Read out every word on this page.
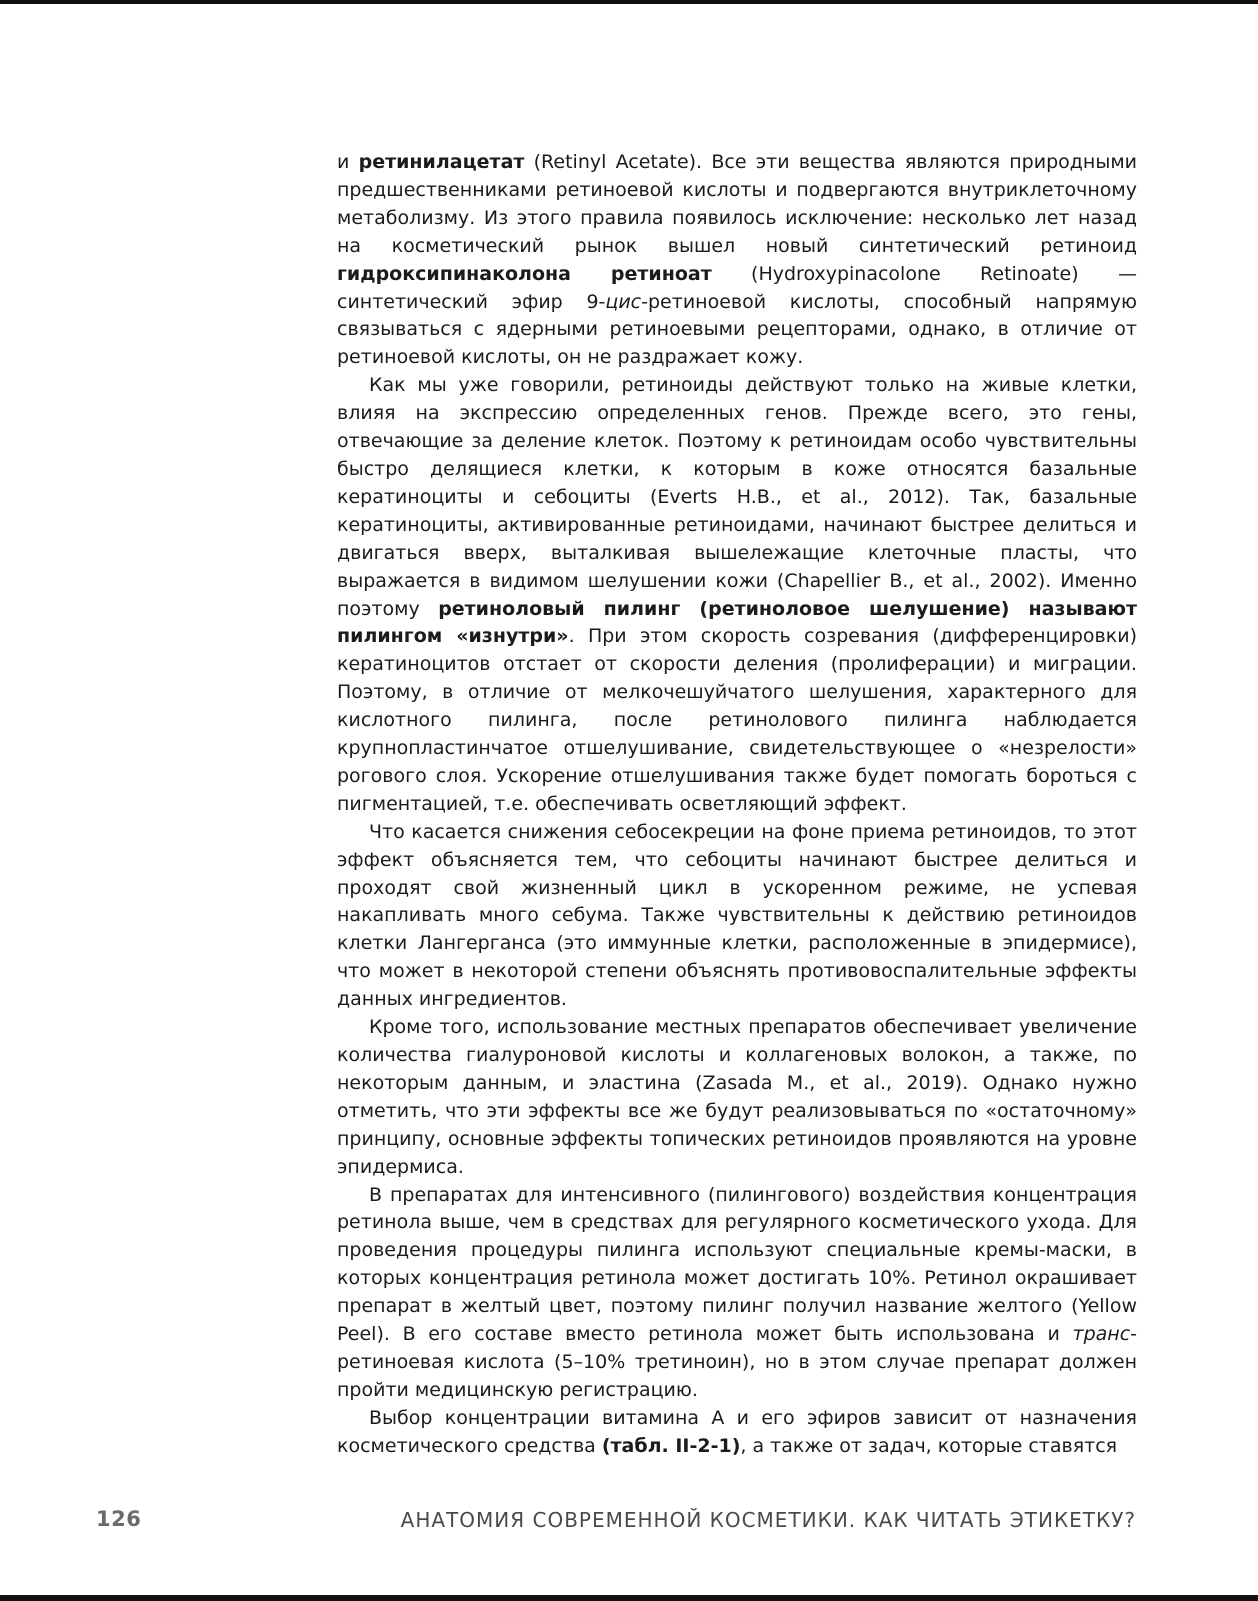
и ретинилацетат (Retinyl Acetate). Все эти вещества являются природными предшественниками ретиноевой кислоты и подвергаются внутриклеточному метаболизму. Из этого правила появилось исключение: несколько лет назад на косметический рынок вышел новый синтетический ретиноид гидроксипинаколона ретиноат (Hydroxypinacolone Retinoate) — синтетический эфир 9-цис-ретиноевой кислоты, способный напрямую связываться с ядерными ретиноевыми рецепторами, однако, в отличие от ретиноевой кислоты, он не раздражает кожу.

Как мы уже говорили, ретиноиды действуют только на живые клетки, влияя на экспрессию определенных генов. Прежде всего, это гены, отвечающие за деление клеток. Поэтому к ретиноидам особо чувствительны быстро делящиеся клетки, к которым в коже относятся базальные кератиноциты и себоциты (Everts H.B., et al., 2012). Так, базальные кератиноциты, активированные ретиноидами, начинают быстрее делиться и двигаться вверх, выталкивая вышележащие клеточные пласты, что выражается в видимом шелушении кожи (Chapellier B., et al., 2002). Именно поэтому ретиноловый пилинг (ретиноловое шелушение) называют пилингом «изнутри». При этом скорость созревания (дифференцировки) кератиноцитов отстает от скорости деления (пролиферации) и миграции. Поэтому, в отличие от мелкочешуйчатого шелушения, характерного для кислотного пилинга, после ретинолового пилинга наблюдается крупнопластинчатое отшелушивание, свидетельствующее о «незрелости» рогового слоя. Ускорение отшелушивания также будет помогать бороться с пигментацией, т.е. обеспечивать осветляющий эффект.

Что касается снижения себосекреции на фоне приема ретиноидов, то этот эффект объясняется тем, что себоциты начинают быстрее делиться и проходят свой жизненный цикл в ускоренном режиме, не успевая накапливать много себума. Также чувствительны к действию ретиноидов клетки Лангерганса (это иммунные клетки, расположенные в эпидермисе), что может в некоторой степени объяснять противовоспалительные эффекты данных ингредиентов.

Кроме того, использование местных препаратов обеспечивает увеличение количества гиалуроновой кислоты и коллагеновых волокон, а также, по некоторым данным, и эластина (Zasada M., et al., 2019). Однако нужно отметить, что эти эффекты все же будут реализовываться по «остаточному» принципу, основные эффекты топических ретиноидов проявляются на уровне эпидермиса.

В препаратах для интенсивного (пилингового) воздействия концентрация ретинола выше, чем в средствах для регулярного косметического ухода. Для проведения процедуры пилинга используют специальные кремы-маски, в которых концентрация ретинола может достигать 10%. Ретинол окрашивает препарат в желтый цвет, поэтому пилинг получил название желтого (Yellow Peel). В его составе вместо ретинола может быть использована и транс-ретиноевая кислота (5–10% третиноин), но в этом случае препарат должен пройти медицинскую регистрацию.

Выбор концентрации витамина А и его эфиров зависит от назначения косметического средства (табл. II-2-1), а также от задач, которые ставятся

126	АНАТОМИЯ СОВРЕМЕННОЙ КОСМЕТИКИ. КАК ЧИТАТЬ ЭТИКЕТКУ?
